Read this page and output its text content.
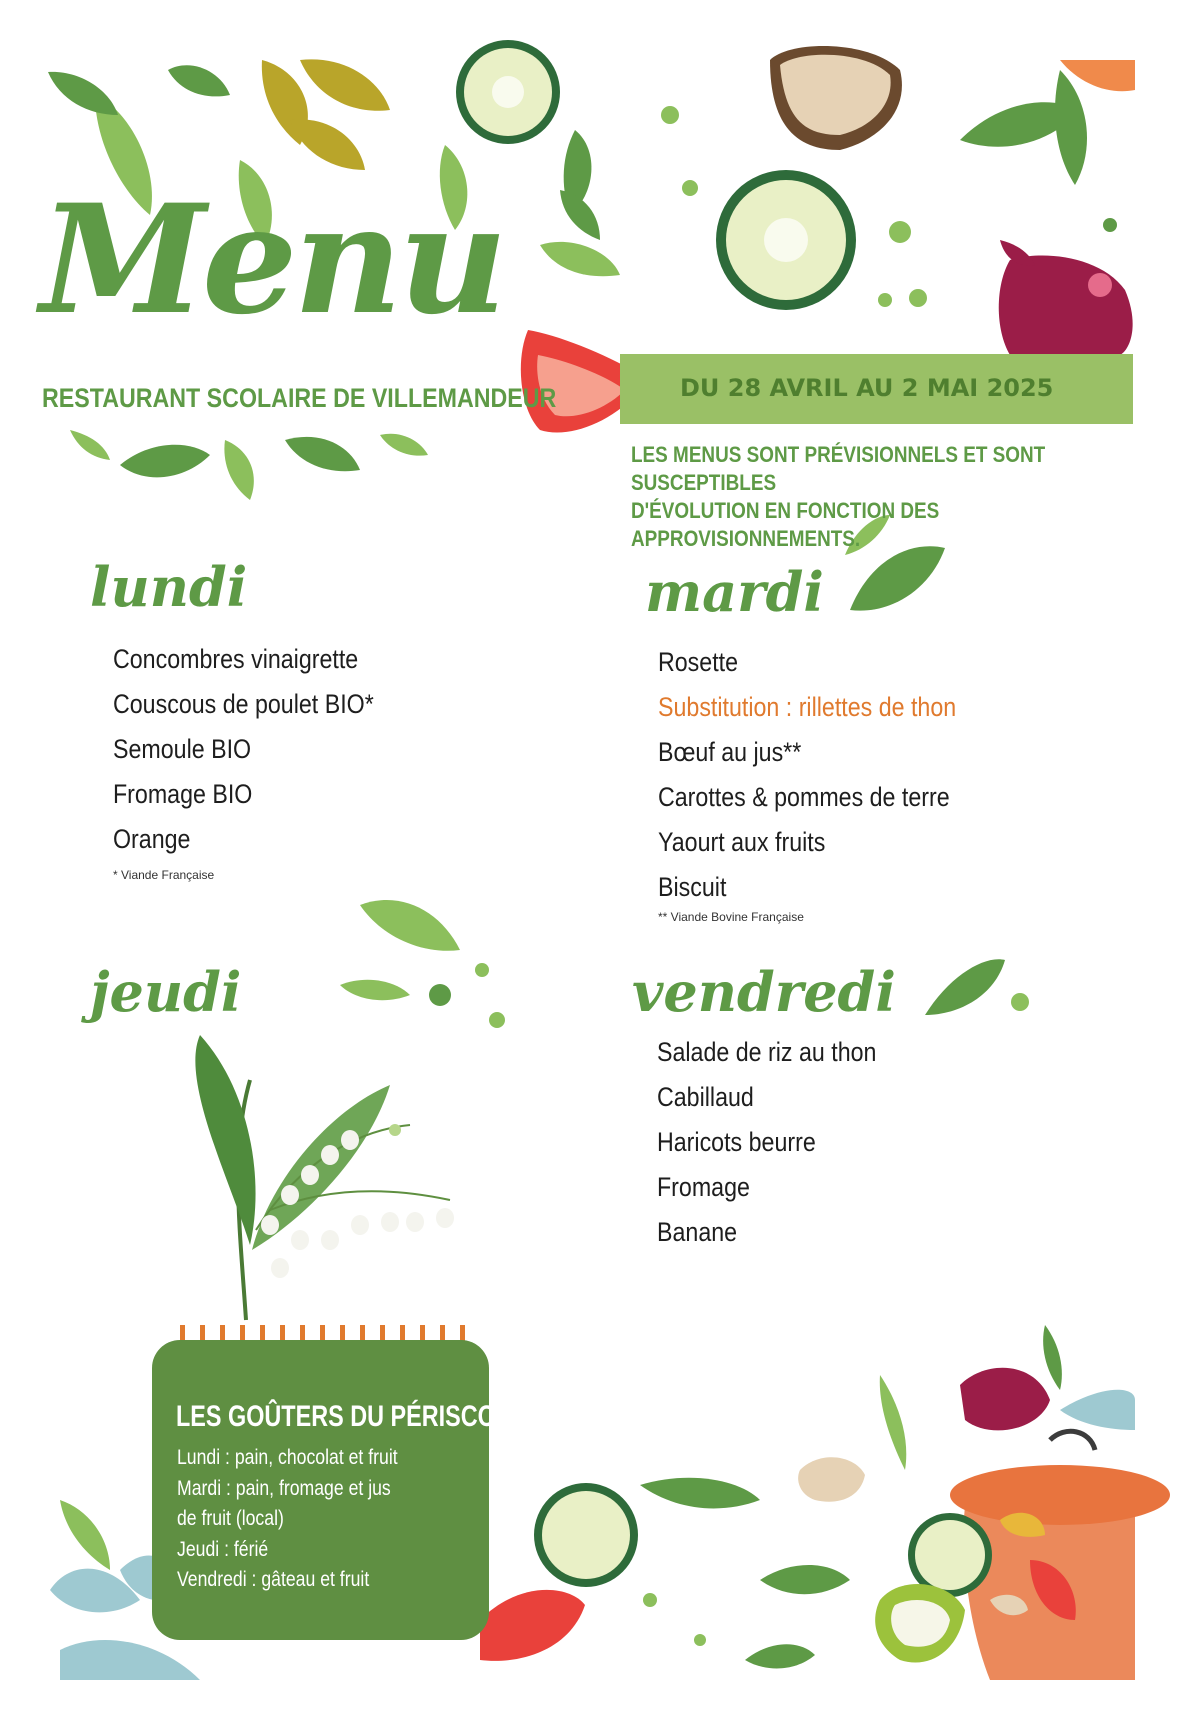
Menu
RESTAURANT SCOLAIRE DE VILLEMANDEUR	DU 28 AVRIL AU 2 MAI 2025
LES MENUS SONT PRÉVISIONNELS ET SONT SUSCEPTIBLES
D'ÉVOLUTION EN FONCTION DES APPROVISIONNEMENTS.
lundi
Concombres vinaigrette
Couscous de poulet BIO*
Semoule BIO
Fromage BIO
Orange
* Viande Française
mardi
Rosette
Substitution : rillettes de thon
Bœuf au jus**
Carottes & pommes de terre
Yaourt aux fruits
Biscuit
** Viande Bovine Française
jeudi	vendredi
Salade de riz au thon
Cabillaud
Haricots beurre
Fromage
Banane
LES GOÛTERS DU PÉRISCOLAIRE
Lundi : pain, chocolat et fruit
Mardi : pain, fromage et jus
de fruit (local)
Jeudi : férié
Vendredi : gâteau et fruit
